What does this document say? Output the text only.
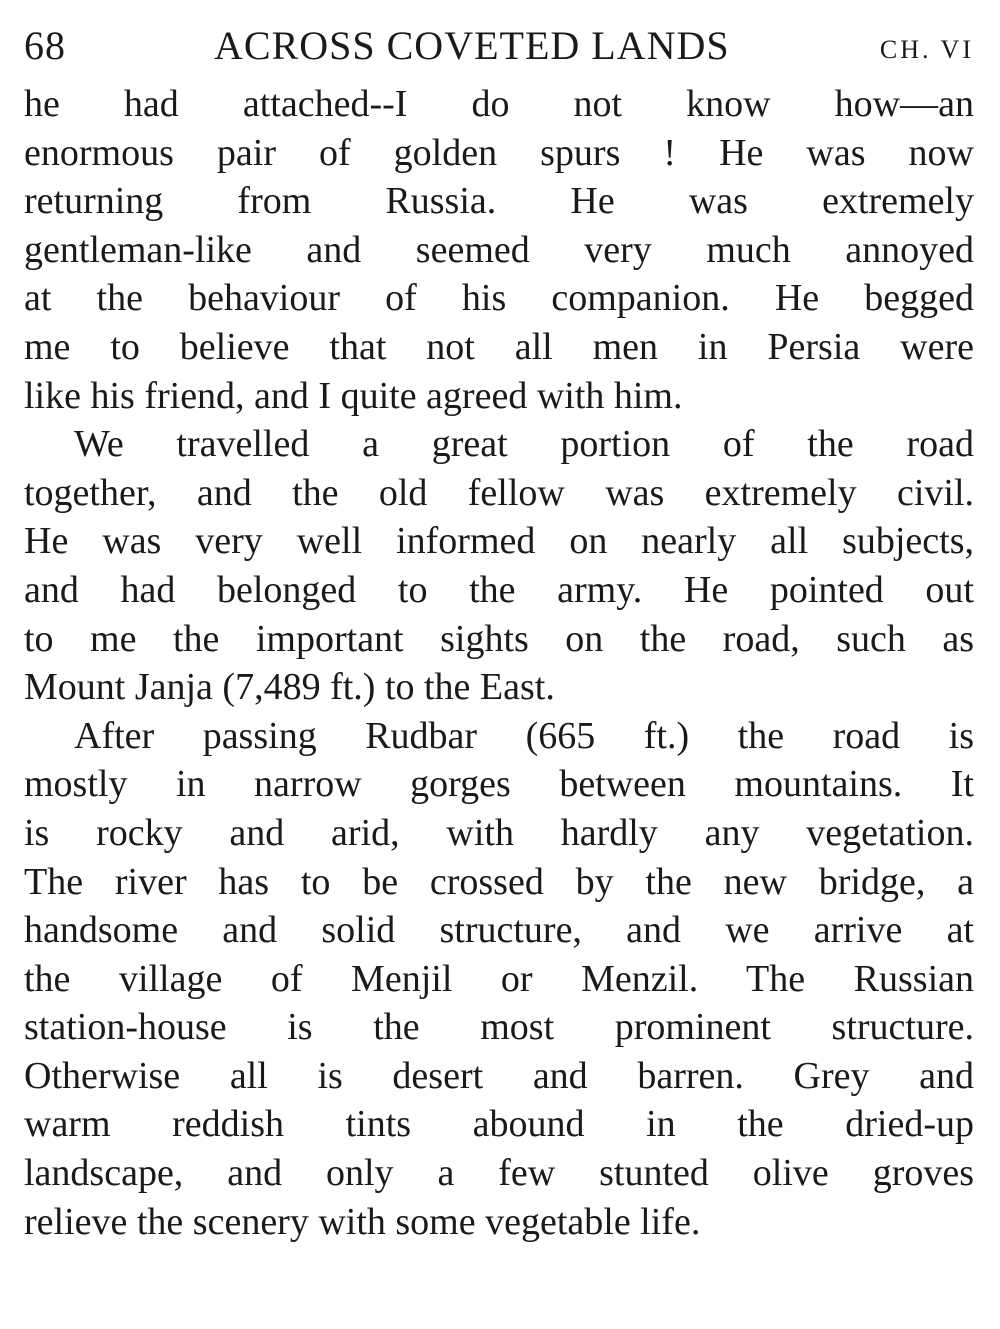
68	ACROSS COVETED LANDS	CH. VI

he had attached--I do not know how—an
enormous pair of golden spurs ! He was now
returning from Russia. He was extremely
gentleman-like and seemed very much annoyed
at the behaviour of his companion. He begged
me to believe that not all men in Persia were
like his friend, and I quite agreed with him.

We travelled a great portion of the road
together, and the old fellow was extremely civil.
He was very well informed on nearly all subjects,
and had belonged to the army. He pointed out
to me the important sights on the road, such as
Mount Janja (7,489 ft.) to the East.

After passing Rudbar (665 ft.) the road is
mostly in narrow gorges between mountains. It
is rocky and arid, with hardly any vegetation.
The river has to be crossed by the new bridge, a
handsome and solid structure, and we arrive at
the village of Menjil or Menzil. The Russian
station-house is the most prominent structure.
Otherwise all is desert and barren. Grey and
warm reddish tints abound in the dried-up
landscape, and only a few stunted olive groves
relieve the scenery with some vegetable life.
